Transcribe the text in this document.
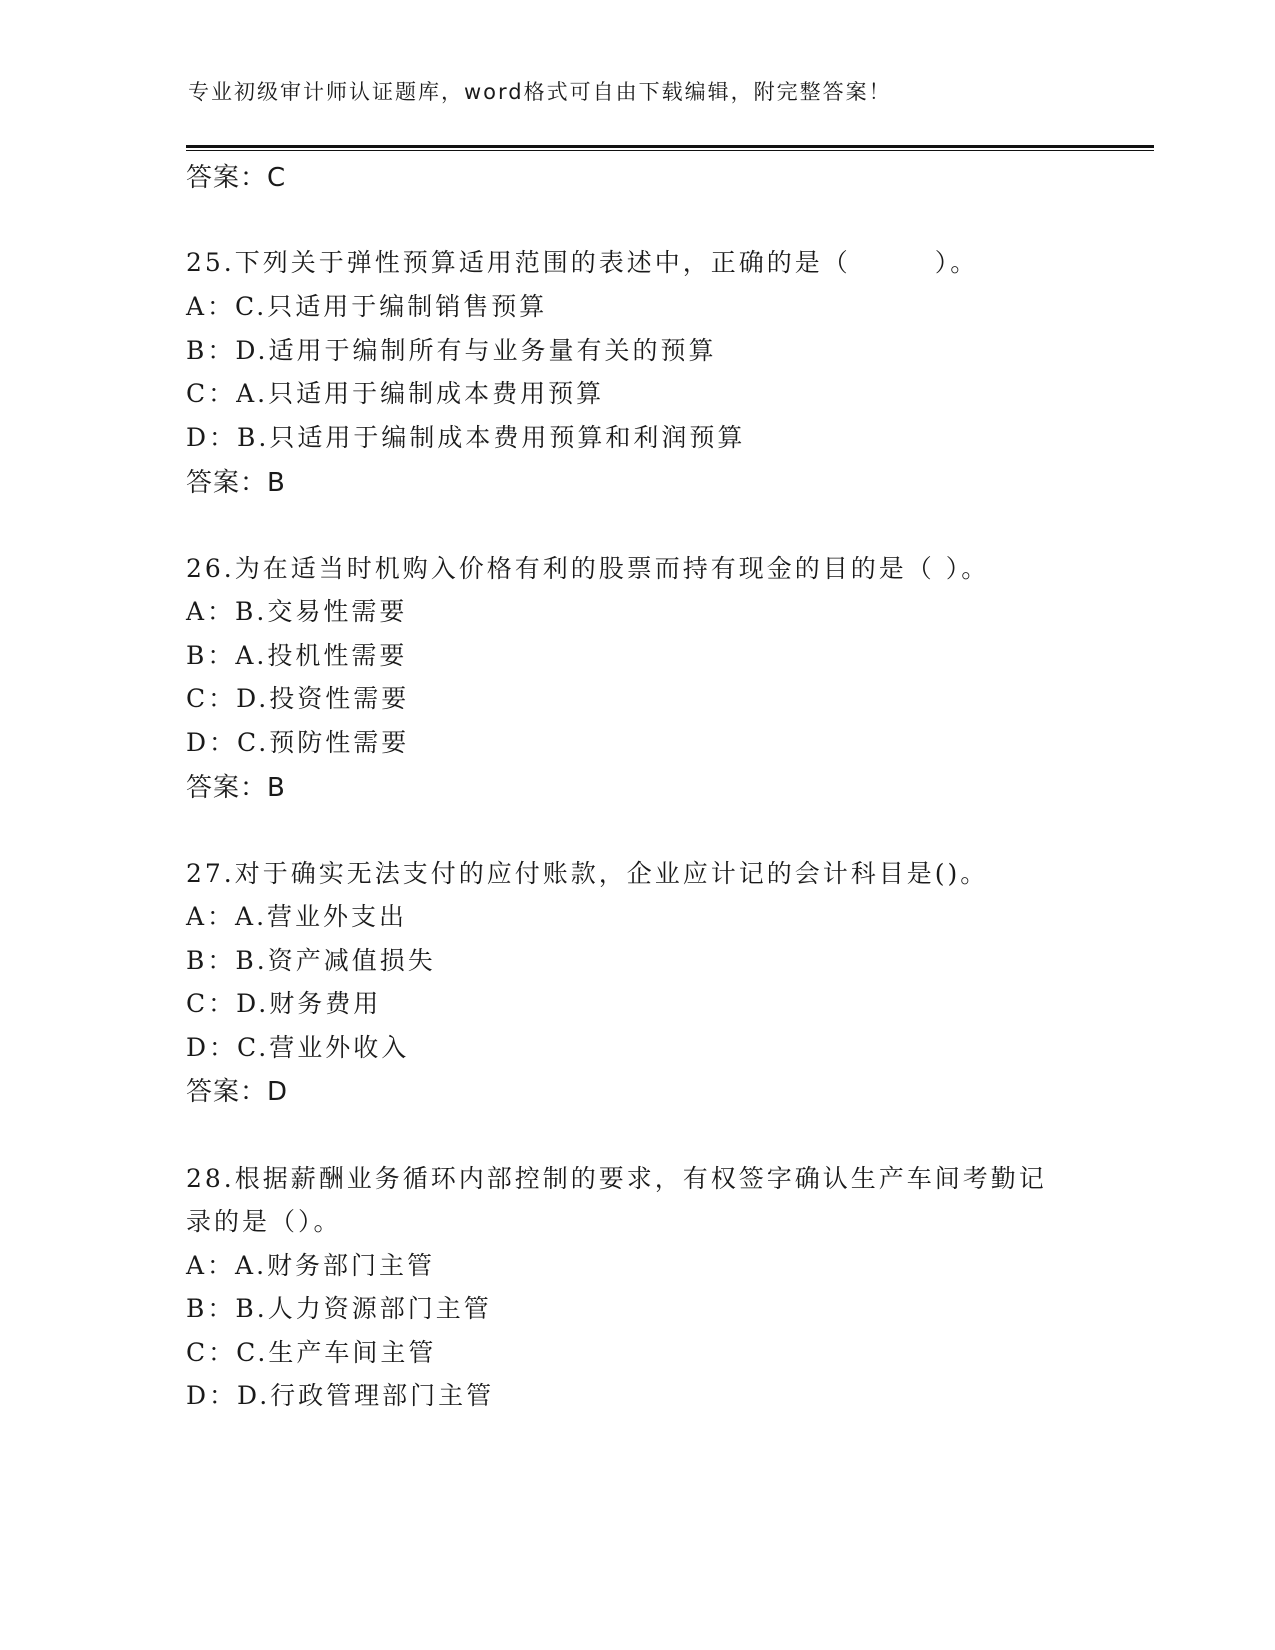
专业初级审计师认证题库，word格式可自由下载编辑，附完整答案！
答案：C
25.下列关于弹性预算适用范围的表述中，正确的是（　　　）。
A：C.只适用于编制销售预算
B：D.适用于编制所有与业务量有关的预算
C：A.只适用于编制成本费用预算
D：B.只适用于编制成本费用预算和利润预算
答案：B
26.为在适当时机购入价格有利的股票而持有现金的目的是（ ）。
A：B.交易性需要
B：A.投机性需要
C：D.投资性需要
D：C.预防性需要
答案：B
27.对于确实无法支付的应付账款，企业应计记的会计科目是()。
A：A.营业外支出
B：B.资产减值损失
C：D.财务费用
D：C.营业外收入
答案：D
28.根据薪酬业务循环内部控制的要求，有权签字确认生产车间考勤记
录的是（）。
A：A.财务部门主管
B：B.人力资源部门主管
C：C.生产车间主管
D：D.行政管理部门主管
